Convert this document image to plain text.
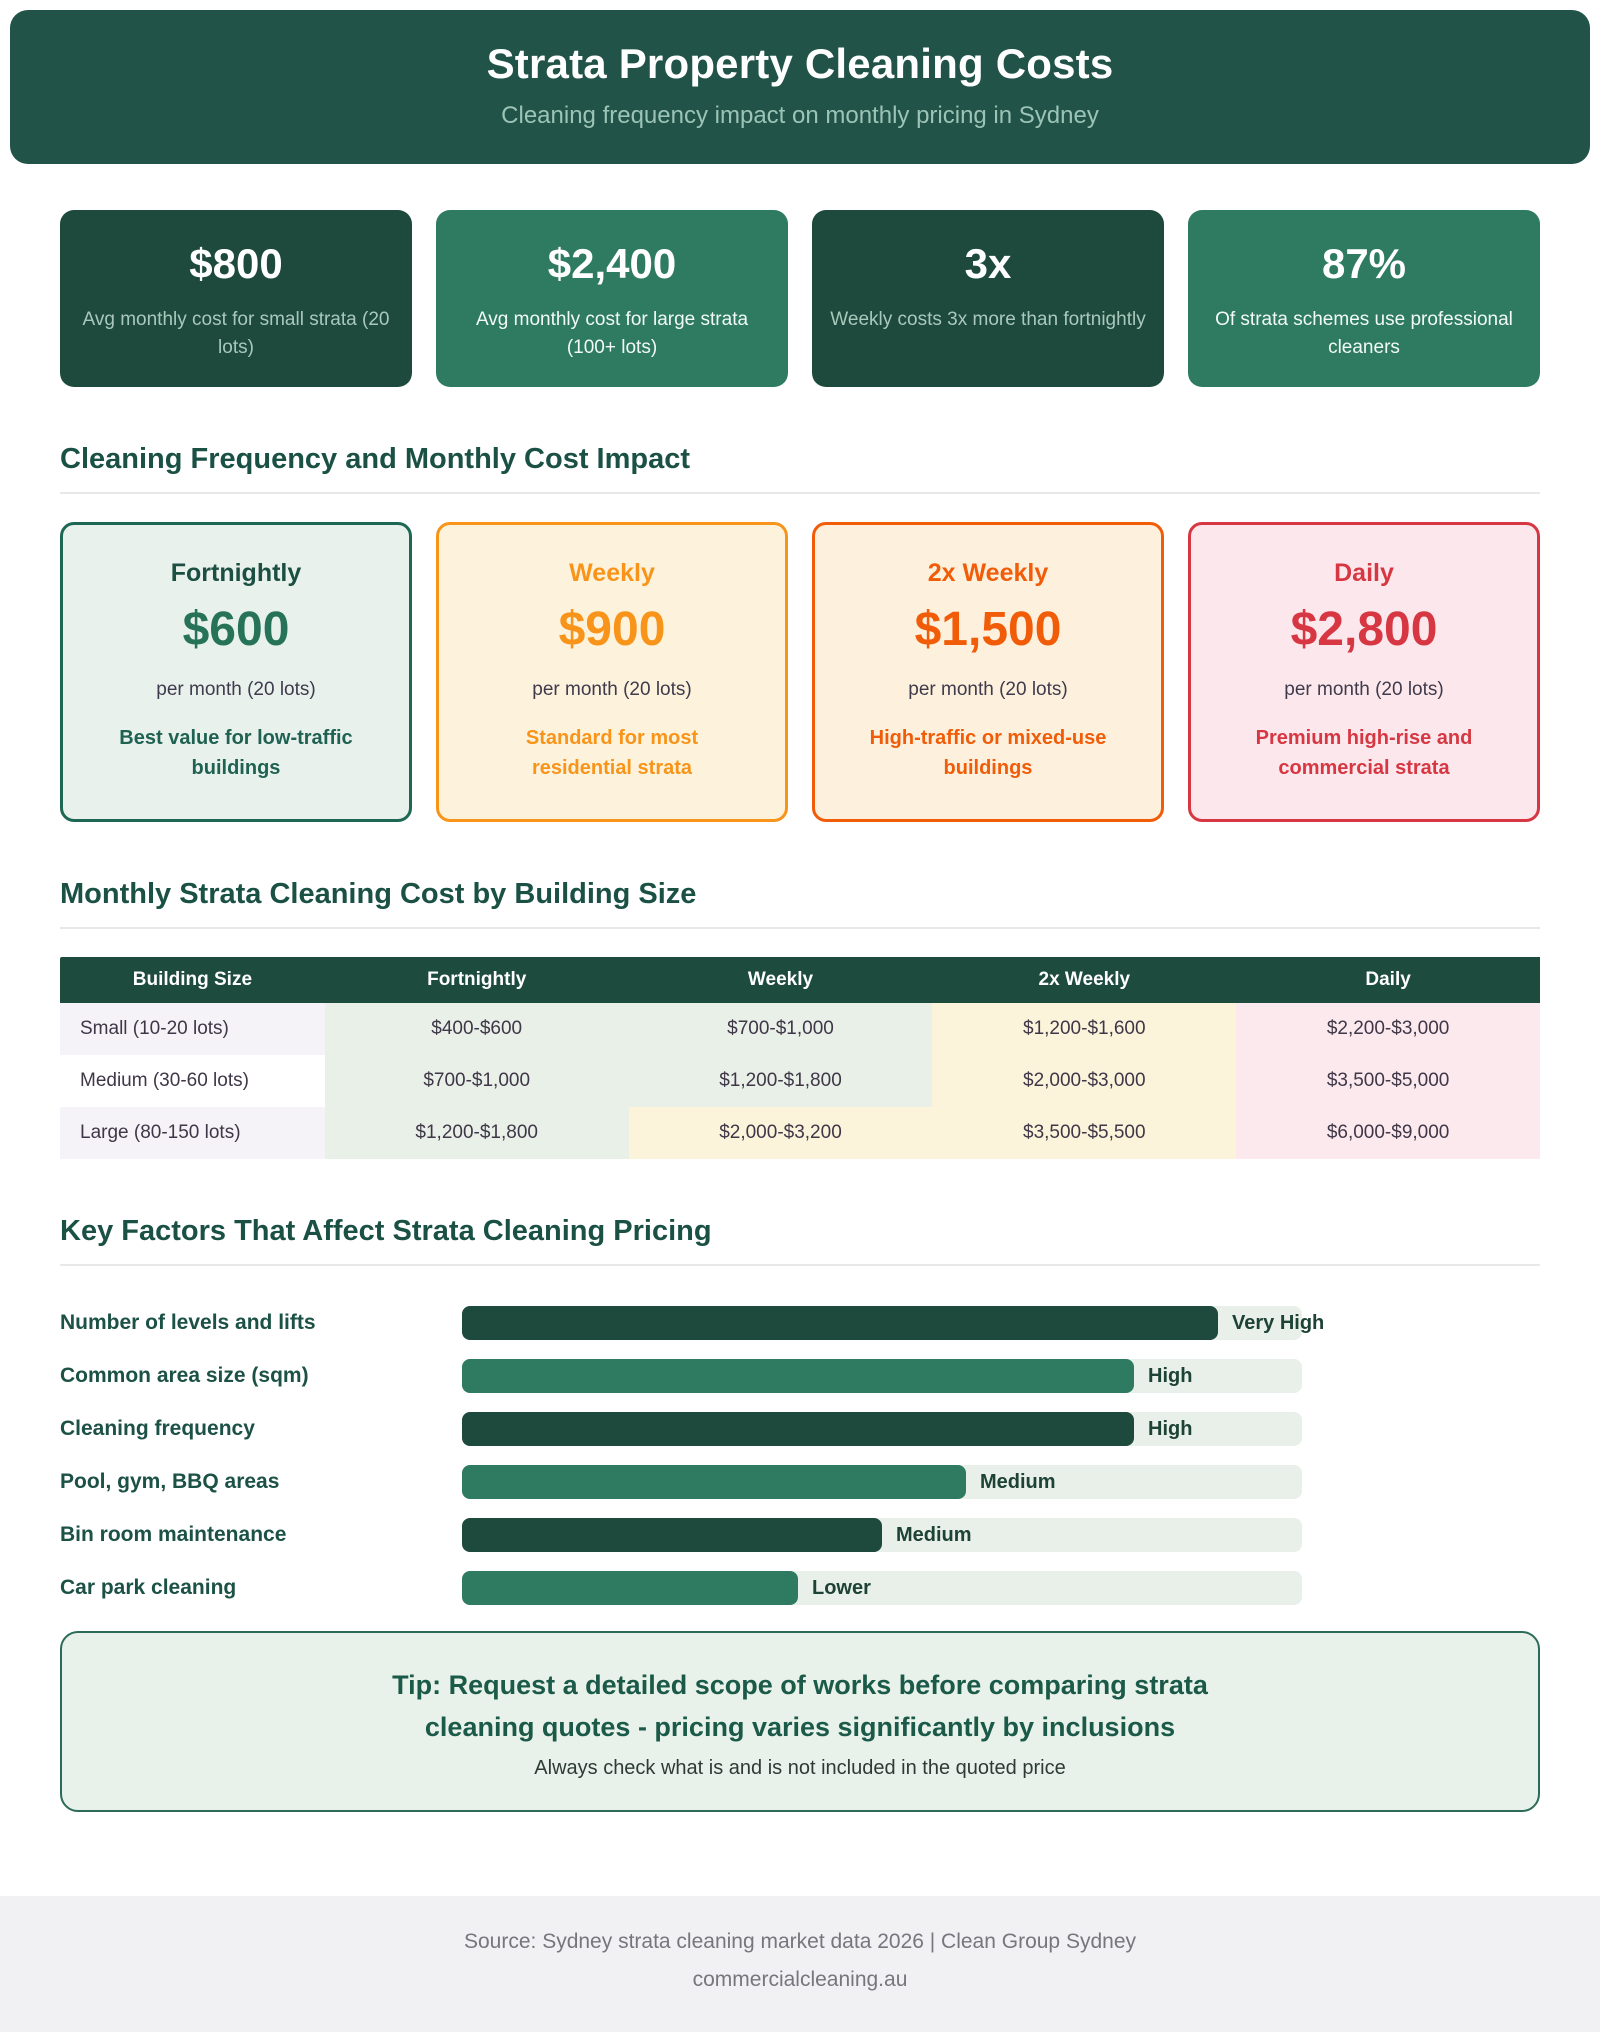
Strata Property Cleaning Costs

Cleaning frequency impact on monthly pricing in Sydney

$800
Avg monthly cost for small strata (20 lots)
$2,400
Avg monthly cost for large strata (100+ lots)
3x
Weekly costs 3x more than fortnightly
87%
Of strata schemes use professional cleaners
Cleaning Frequency and Monthly Cost Impact
Fortnightly
$600
per month (20 lots)
Best value for low-traffic buildings
Weekly
$900
per month (20 lots)
Standard for most residential strata
2x Weekly
$1,500
per month (20 lots)
High-traffic or mixed-use buildings
Daily
$2,800
per month (20 lots)
Premium high-rise and commercial strata
Monthly Strata Cleaning Cost by Building Size
Building Size	Fortnightly	Weekly	2x Weekly	Daily
Small (10-20 lots)	$400-$600	$700-$1,000	$1,200-$1,600	$2,200-$3,000
Medium (30-60 lots)	$700-$1,000	$1,200-$1,800	$2,000-$3,000	$3,500-$5,000
Large (80-150 lots)	$1,200-$1,800	$2,000-$3,200	$3,500-$5,500	$6,000-$9,000
Key Factors That Affect Strata Cleaning Pricing
Number of levels and lifts	Very High
Common area size (sqm)	High
Cleaning frequency	High
Pool, gym, BBQ areas	Medium
Bin room maintenance	Medium
Car park cleaning	Lower

Tip: Request a detailed scope of works before comparing strata cleaning quotes - pricing varies significantly by inclusions

Always check what is and is not included in the quoted price

Source: Sydney strata cleaning market data 2026 | Clean Group Sydney

commercialcleaning.au
